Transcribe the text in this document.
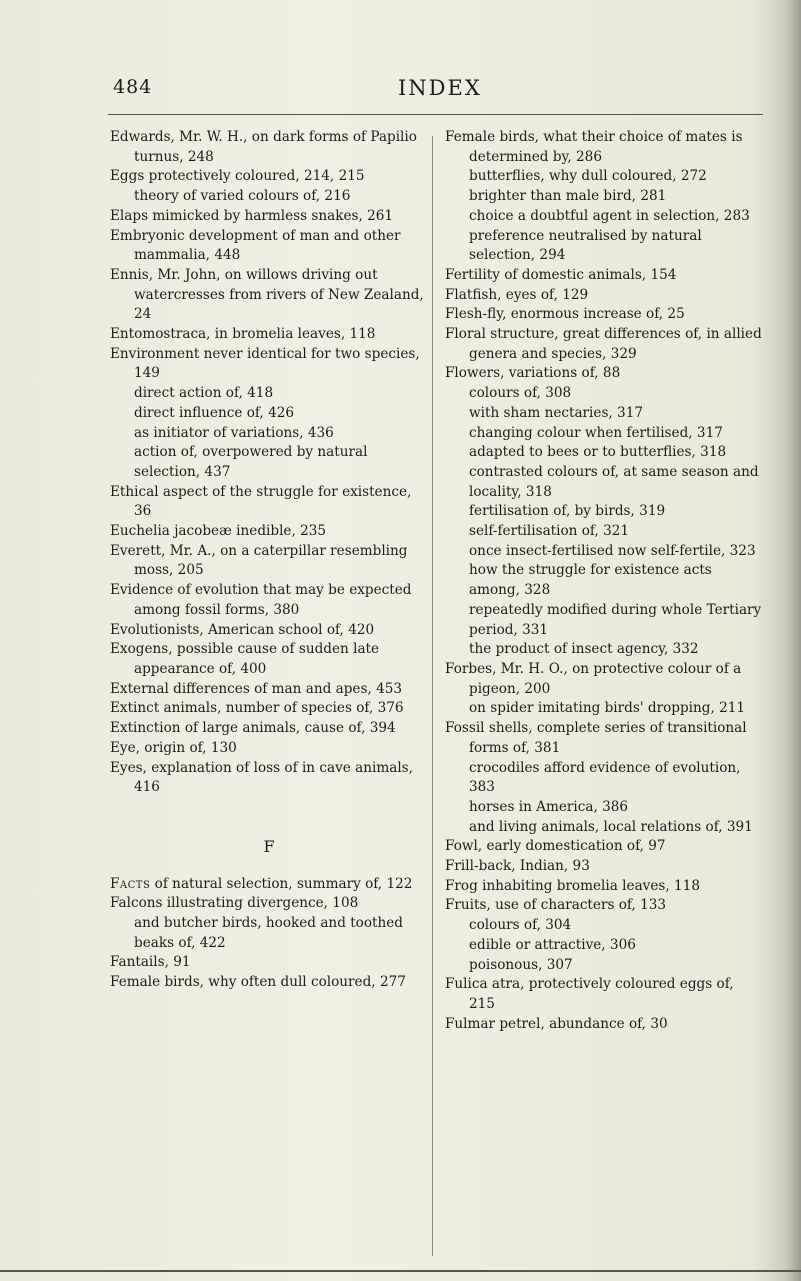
484	INDEX

Edwards, Mr. W. H., on dark forms of Papilio turnus, 248

Eggs protectively coloured, 214, 215

theory of varied colours of, 216

Elaps mimicked by harmless snakes, 261

Embryonic development of man and other mammalia, 448

Ennis, Mr. John, on willows driving out watercresses from rivers of New Zealand, 24

Entomostraca, in bromelia leaves, 118

Environment never identical for two species, 149

direct action of, 418

direct influence of, 426

as initiator of variations, 436

action of, overpowered by natural selection, 437

Ethical aspect of the struggle for existence, 36

Euchelia jacobeæ inedible, 235

Everett, Mr. A., on a caterpillar resembling moss, 205

Evidence of evolution that may be expected among fossil forms, 380

Evolutionists, American school of, 420

Exogens, possible cause of sudden late appearance of, 400

External differences of man and apes, 453

Extinct animals, number of species of, 376

Extinction of large animals, cause of, 394

Eye, origin of, 130

Eyes, explanation of loss of in cave animals, 416

F

Facts of natural selection, summary of, 122

Falcons illustrating divergence, 108

and butcher birds, hooked and toothed beaks of, 422

Fantails, 91

Female birds, why often dull coloured, 277

Female birds, what their choice of mates is determined by, 286

butterflies, why dull coloured, 272

brighter than male bird, 281

choice a doubtful agent in selection, 283

preference neutralised by natural selection, 294

Fertility of domestic animals, 154

Flatfish, eyes of, 129

Flesh-fly, enormous increase of, 25

Floral structure, great differences of, in allied genera and species, 329

Flowers, variations of, 88

colours of, 308

with sham nectaries, 317

changing colour when fertilised, 317

adapted to bees or to butterflies, 318

contrasted colours of, at same season and locality, 318

fertilisation of, by birds, 319

self-fertilisation of, 321

once insect-fertilised now self-fertile, 323

how the struggle for existence acts among, 328

repeatedly modified during whole Tertiary period, 331

the product of insect agency, 332

Forbes, Mr. H. O., on protective colour of a pigeon, 200

on spider imitating birds' dropping, 211

Fossil shells, complete series of transitional forms of, 381

crocodiles afford evidence of evolution, 383

horses in America, 386

and living animals, local relations of, 391

Fowl, early domestication of, 97

Frill-back, Indian, 93

Frog inhabiting bromelia leaves, 118

Fruits, use of characters of, 133

colours of, 304

edible or attractive, 306

poisonous, 307

Fulica atra, protectively coloured eggs of, 215

Fulmar petrel, abundance of, 30
